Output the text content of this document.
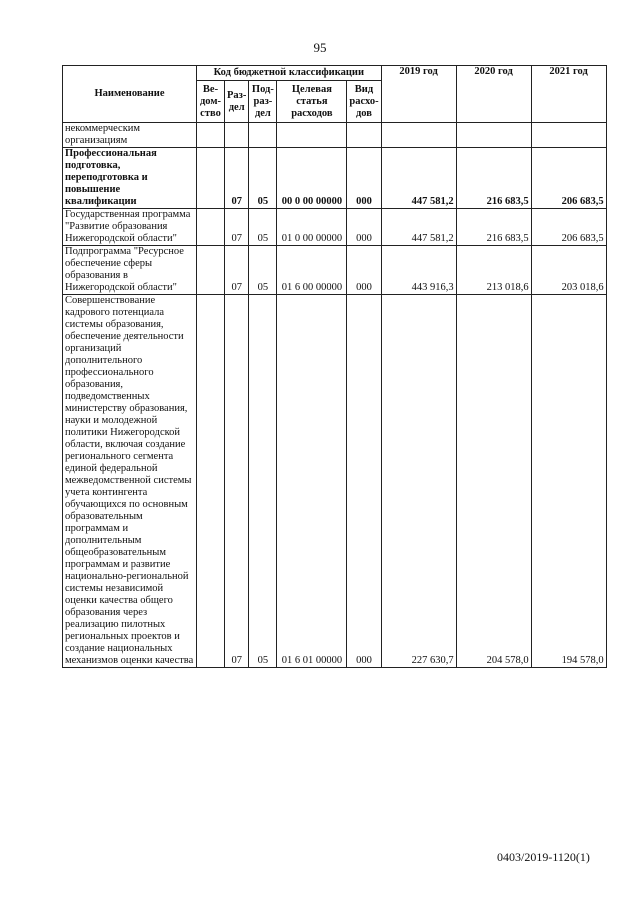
95
Наименование	Код бюджетной классификации					2019 год	2020 год	2021 год
	Ве-дом-ство	Раз-дел	Под-раз-дел	Целевая статья расходов	Вид расхо-дов			
некоммерческим организациям								
Профессиональная подготовка, переподготовка и повышение квалификации		07	05	00 0 00 00000	000	447 581,2	216 683,5	206 683,5
Государственная программа "Развитие образования Нижегородской области"		07	05	01 0 00 00000	000	447 581,2	216 683,5	206 683,5
Подпрограмма "Ресурсное обеспечение сферы образования в Нижегородской области"		07	05	01 6 00 00000	000	443 916,3	213 018,6	203 018,6
Совершенствование кадрового потенциала системы образования, обеспечение деятельности организаций дополнительного профессионального образования, подведомственных министерству образования, науки и молодежной политики Нижегородской области, включая создание регионального сегмента единой федеральной межведомственной системы учета контингента обучающихся по основным образовательным программам и дополнительным общеобразовательным программам и развитие национально-региональной системы независимой оценки качества общего образования через реализацию пилотных региональных проектов и создание национальных механизмов оценки качества		07	05	01 6 01 00000	000	227 630,7	204 578,0	194 578,0
0403/2019-1120(1)
